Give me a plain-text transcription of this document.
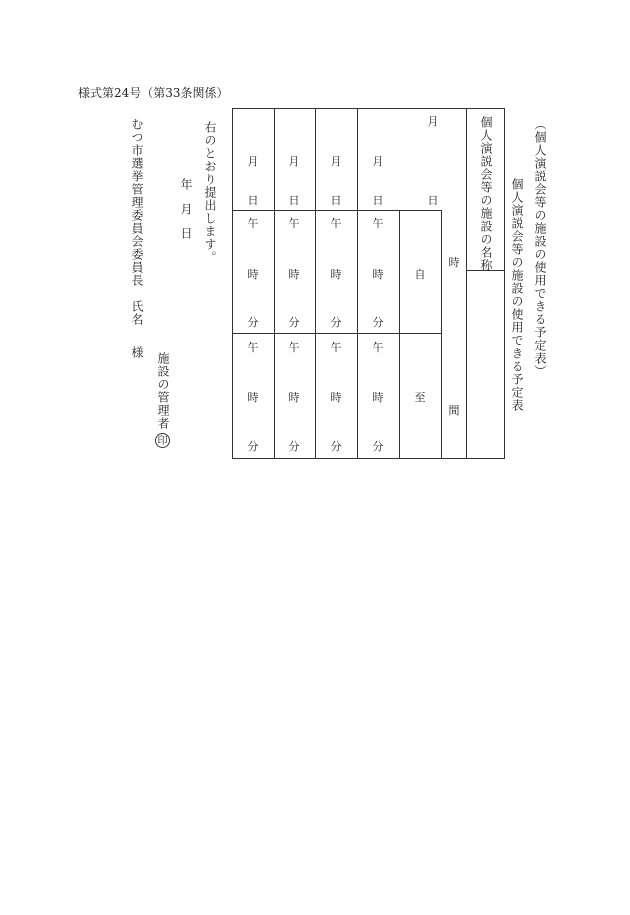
様式第24号（第33条関係）
（個人演説会等の施設の使用できる予定表）
個人演説会等の施設の使用できる予定表
月
日
月
日
月
日
月
日
月
日
午
時
分
午
時
分
午
時
分
午
時
分
自
午
時
分
午
時
分
午
時
分
午
時
分
至
時
間
個人演説会等の施設の名称
右のとおり提出します。
年
月
日
施設の管理者
印
むつ市選挙管理委員会委員長　氏名
様
